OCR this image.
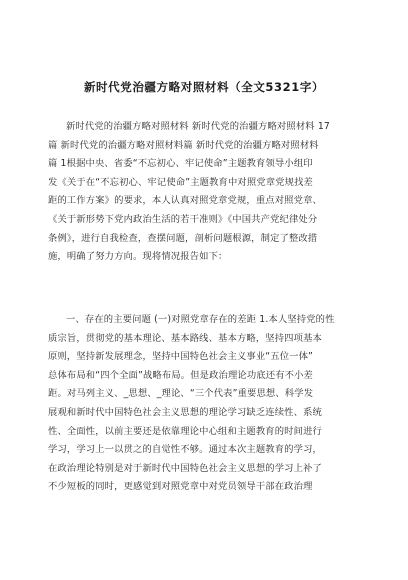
新时代党治疆方略对照材料（全文5321字）
新时代党的治疆方略对照材料 新时代党的治疆方略对照材料 17
篇 新时代党的治疆方略对照材料篇 新时代党的治疆方略对照材料
篇 1根据中央、省委“不忘初心、牢记使命”主题教育领导小组印
发《关于在“不忘初心、牢记使命”主题教育中对照党章党规找差
距的工作方案》的要求，本人认真对照党章党规，重点对照党章、
《关于新形势下党内政治生活的若干准则》《中国共产党纪律处分
条例》，进行自我检查，查摆问题，剖析问题根源，制定了整改措
施，明确了努力方向。现将情况报告如下：
一、存在的主要问题 (一)对照党章存在的差距 1.本人坚持党的性
质宗旨，贯彻党的基本理论、基本路线、基本方略，坚持四项基本
原则，坚持新发展理念，坚持中国特色社会主义事业“五位一体”
总体布局和“四个全面”战略布局。但是政治理论功底还有不小差
距。对马列主义、_思想、_理论、“三个代表”重要思想、科学发
展观和新时代中国特色社会主义思想的理论学习缺乏连续性、系统
性、全面性，以前主要还是依靠理论中心组和主题教育的时间进行
学习，学习上一以贯之的自觉性不够。通过本次主题教育的学习，
在政治理论特别是对于新时代中国特色社会主义思想的学习上补了
不少短板的同时，更感觉到对照党章中对党员领导干部在政治理
